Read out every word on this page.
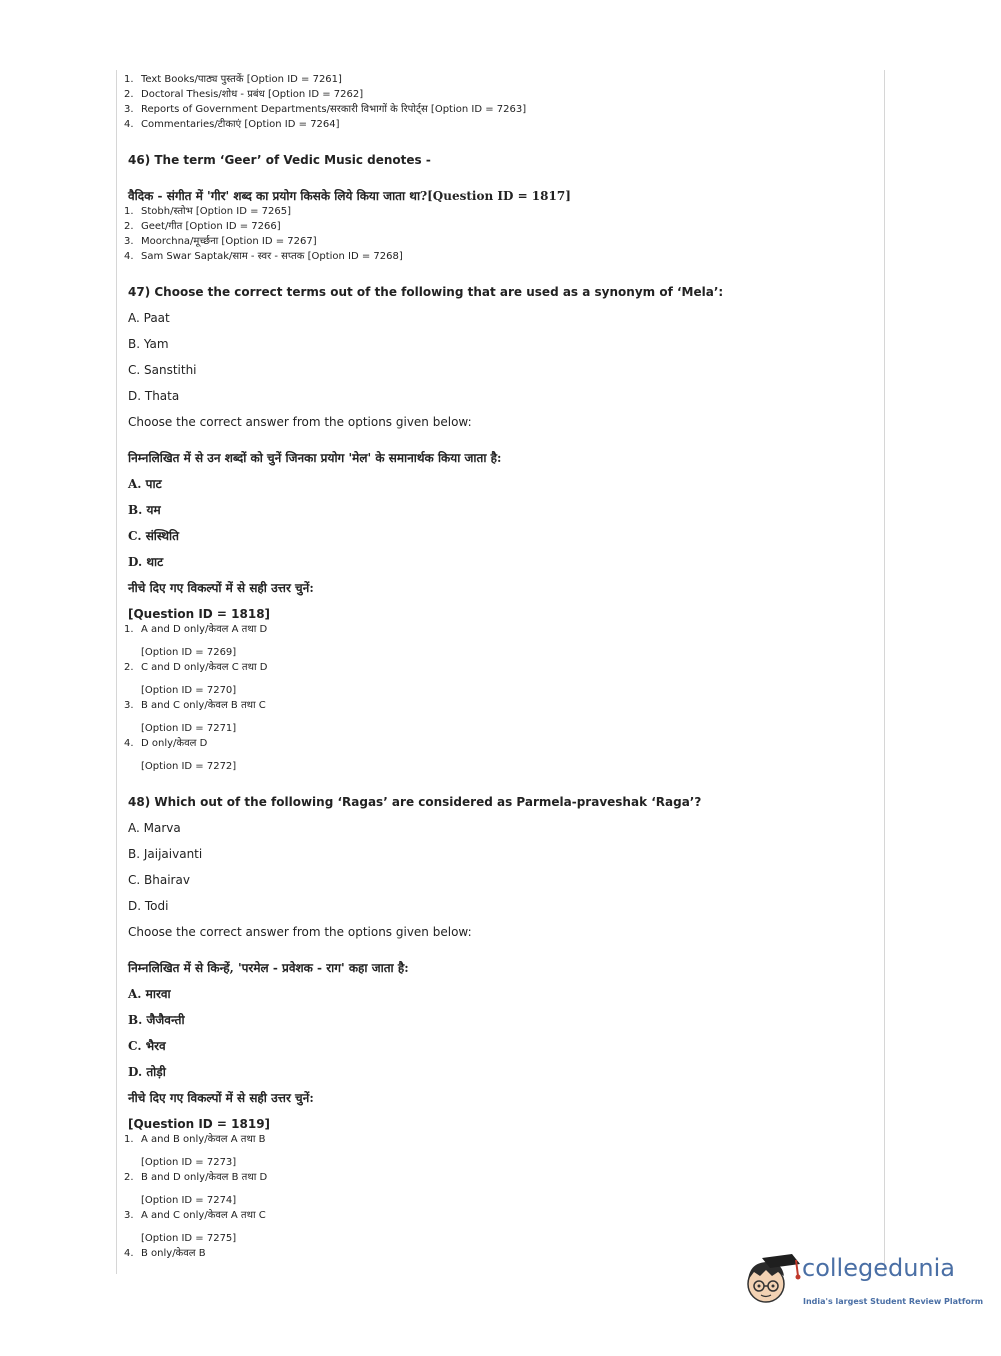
1. Text Books/पाठ्य पुस्तकें [Option ID = 7261]
2. Doctoral Thesis/शोध - प्रबंध [Option ID = 7262]
3. Reports of Government Departments/सरकारी विभागों के रिपोर्ट्स [Option ID = 7263]
4. Commentaries/टीकाएं [Option ID = 7264]
46) The term ‘Geer’ of Vedic Music denotes -
वैदिक - संगीत में 'गीर' शब्द का प्रयोग किसके लिये किया जाता था?[Question ID = 1817]
1. Stobh/स्तोभ [Option ID = 7265]
2. Geet/गीत [Option ID = 7266]
3. Moorchna/मूर्च्छना [Option ID = 7267]
4. Sam Swar Saptak/साम - स्वर - सप्तक [Option ID = 7268]
47) Choose the correct terms out of the following that are used as a synonym of ‘Mela’:
A. Paat
B. Yam
C. Sanstithi
D. Thata
Choose the correct answer from the options given below:
निम्नलिखित में से उन शब्दों को चुनें जिनका प्रयोग 'मेल' के समानार्थक किया जाता है:
A. पाट
B. यम
C. संस्थिति
D. थाट
नीचे दिए गए विकल्पों में से सही उत्तर चुनें:
[Question ID = 1818]
1. A and D only/केवल A तथा D
[Option ID = 7269]
2. C and D only/केवल C तथा D
[Option ID = 7270]
3. B and C only/केवल B तथा C
[Option ID = 7271]
4. D only/केवल D
[Option ID = 7272]
48) Which out of the following ‘Ragas’ are considered as Parmela-praveshak ‘Raga’?
A. Marva
B. Jaijaivanti
C. Bhairav
D. Todi
Choose the correct answer from the options given below:
निम्नलिखित में से किन्हें, 'परमेल - प्रवेशक - राग' कहा जाता है:
A. मारवा
B. जैजैवन्ती
C. भैरव
D. तोड़ी
नीचे दिए गए विकल्पों में से सही उत्तर चुनें:
[Question ID = 1819]
1. A and B only/केवल A तथा B
[Option ID = 7273]
2. B and D only/केवल B तथा D
[Option ID = 7274]
3. A and C only/केवल A तथा C
[Option ID = 7275]
4. B only/केवल B
collegedunia
India's largest Student Review Platform
